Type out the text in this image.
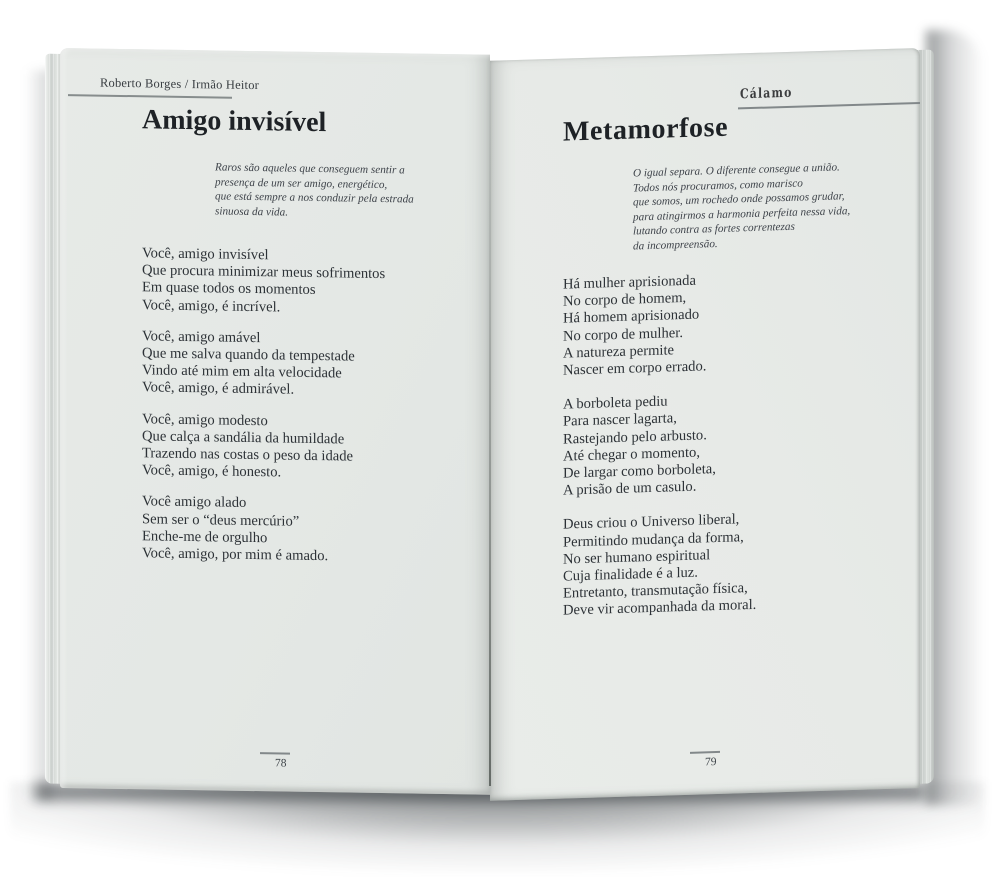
Roberto Borges / Irmão Heitor
Amigo invisível
Raros são aqueles que conseguem sentir a
presença de um ser amigo, energético,
que está sempre a nos conduzir pela estrada
sinuosa da vida.
Você, amigo invisível
Que procura minimizar meus sofrimentos
Em quase todos os momentos
Você, amigo, é incrível.
Você, amigo amável
Que me salva quando da tempestade
Vindo até mim em alta velocidade
Você, amigo, é admirável.
Você, amigo modesto
Que calça a sandália da humildade
Trazendo nas costas o peso da idade
Você, amigo, é honesto.
Você amigo alado
Sem ser o “deus mercúrio”
Enche-me de orgulho
Você, amigo, por mim é amado.
78
Cálamo
Metamorfose
O igual separa. O diferente consegue a união.
Todos nós procuramos, como marisco
que somos, um rochedo onde possamos grudar,
para atingirmos a harmonia perfeita nessa vida,
lutando contra as fortes correntezas
da incompreensão.
Há mulher aprisionada
No corpo de homem,
Há homem aprisionado
No corpo de mulher.
A natureza permite
Nascer em corpo errado.
A borboleta pediu
Para nascer lagarta,
Rastejando pelo arbusto.
Até chegar o momento,
De largar como borboleta,
A prisão de um casulo.
Deus criou o Universo liberal,
Permitindo mudança da forma,
No ser humano espiritual
Cuja finalidade é a luz.
Entretanto, transmutação física,
Deve vir acompanhada da moral.
79
